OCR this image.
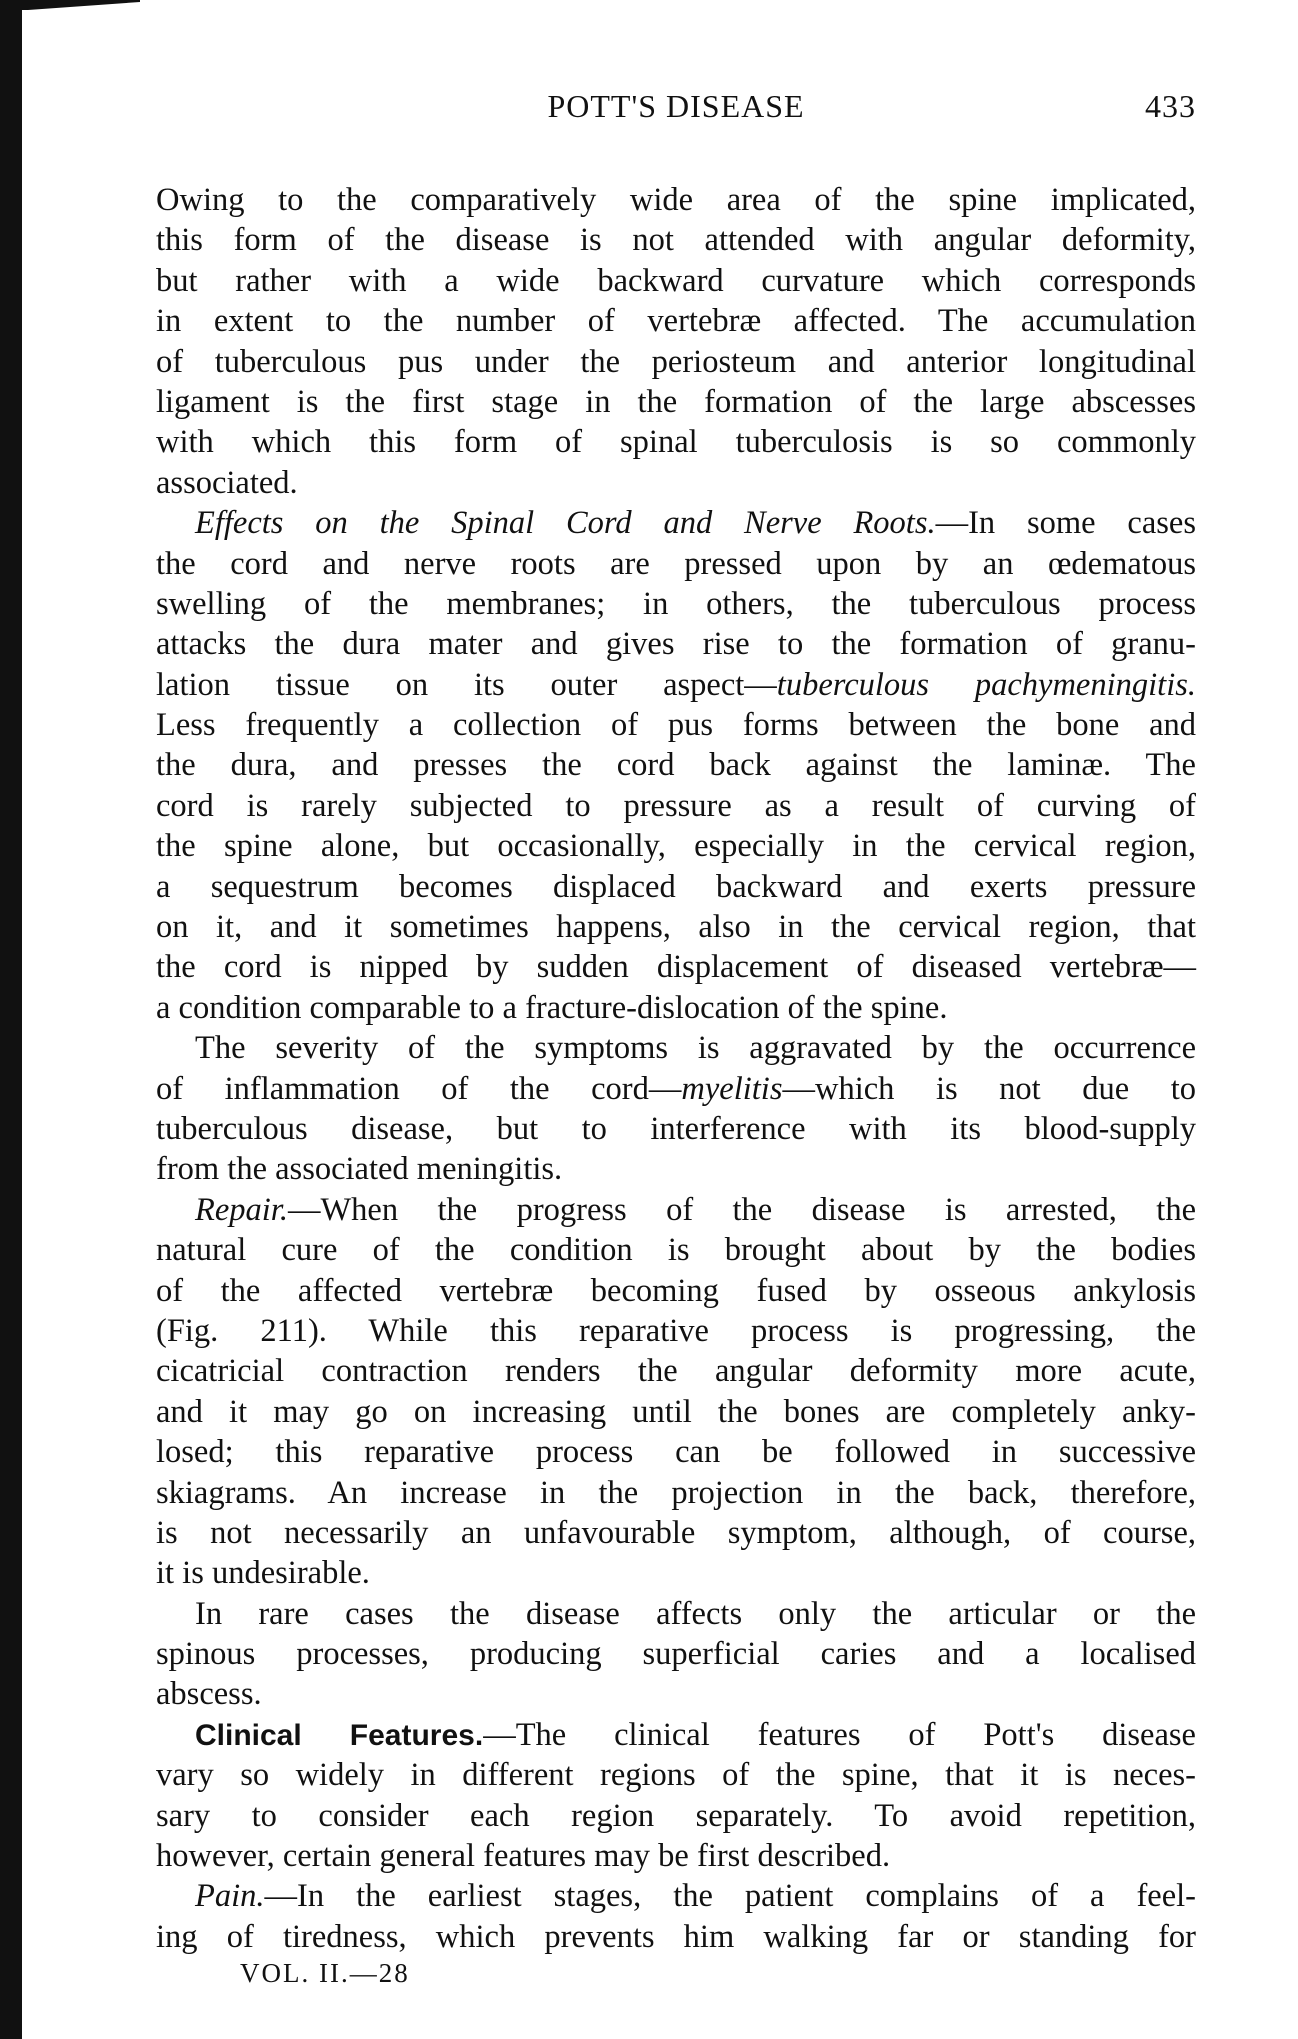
POTT'S DISEASE	433
Owing to the comparatively wide area of the spine implicated,
this form of the disease is not attended with angular deformity,
but rather with a wide backward curvature which corresponds
in extent to the number of vertebræ affected. The accumulation
of tuberculous pus under the periosteum and anterior longitudinal
ligament is the first stage in the formation of the large abscesses
with which this form of spinal tuberculosis is so commonly
associated.
Effects on the Spinal Cord and Nerve Roots.—In some cases
the cord and nerve roots are pressed upon by an œdematous
swelling of the membranes; in others, the tuberculous process
attacks the dura mater and gives rise to the formation of granu-
lation tissue on its outer aspect—tuberculous pachymeningitis.
Less frequently a collection of pus forms between the bone and
the dura, and presses the cord back against the laminæ. The
cord is rarely subjected to pressure as a result of curving of
the spine alone, but occasionally, especially in the cervical region,
a sequestrum becomes displaced backward and exerts pressure
on it, and it sometimes happens, also in the cervical region, that
the cord is nipped by sudden displacement of diseased vertebræ—
a condition comparable to a fracture-dislocation of the spine.
The severity of the symptoms is aggravated by the occurrence
of inflammation of the cord—myelitis—which is not due to
tuberculous disease, but to interference with its blood-supply
from the associated meningitis.
Repair.—When the progress of the disease is arrested, the
natural cure of the condition is brought about by the bodies
of the affected vertebræ becoming fused by osseous ankylosis
(Fig. 211). While this reparative process is progressing, the
cicatricial contraction renders the angular deformity more acute,
and it may go on increasing until the bones are completely anky-
losed; this reparative process can be followed in successive
skiagrams. An increase in the projection in the back, therefore,
is not necessarily an unfavourable symptom, although, of course,
it is undesirable.
In rare cases the disease affects only the articular or the
spinous processes, producing superficial caries and a localised
abscess.
Clinical Features.—The clinical features of Pott's disease
vary so widely in different regions of the spine, that it is neces-
sary to consider each region separately. To avoid repetition,
however, certain general features may be first described.
Pain.—In the earliest stages, the patient complains of a feel-
ing of tiredness, which prevents him walking far or standing for
VOL. II.—28
